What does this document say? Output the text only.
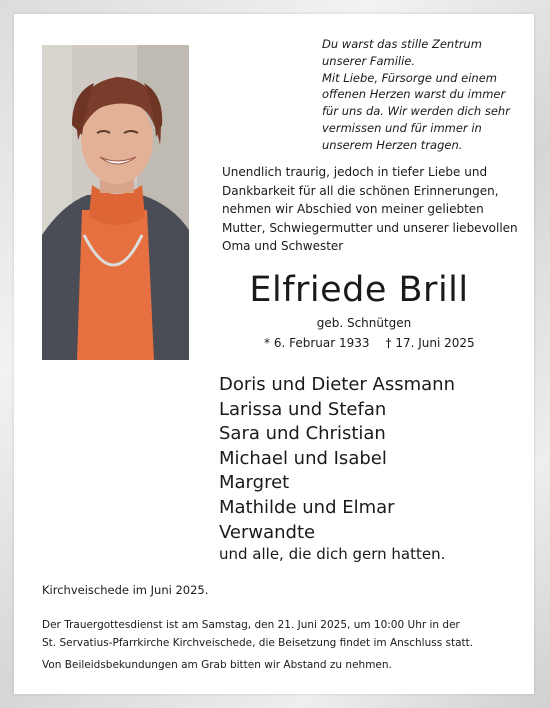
Du warst das stille Zentrum
unserer Familie.
Mit Liebe, Fürsorge und einem
offenen Herzen warst du immer
für uns da. Wir werden dich sehr
vermissen und für immer in
unserem Herzen tragen.

Unendlich traurig, jedoch in tiefer Liebe und
Dankbarkeit für all die schönen Erinnerungen,
nehmen wir Abschied von meiner geliebten
Mutter, Schwiegermutter und unserer liebevollen
Oma und Schwester

Elfriede Brill

geb. Schnütgen

* 6. Februar 1933 † 17. Juni 2025

Doris und Dieter Assmann
Larissa und Stefan
Sara und Christian
Michael und Isabel
Margret
Mathilde und Elmar
Verwandte

und alle, die dich gern hatten.

Kirchveischede im Juni 2025.

Der Trauergottesdienst ist am Samstag, den 21. Juni 2025, um 10:00 Uhr in der
St. Servatius-Pfarrkirche Kirchveischede, die Beisetzung findet im Anschluss statt.

Von Beileidsbekundungen am Grab bitten wir Abstand zu nehmen.
